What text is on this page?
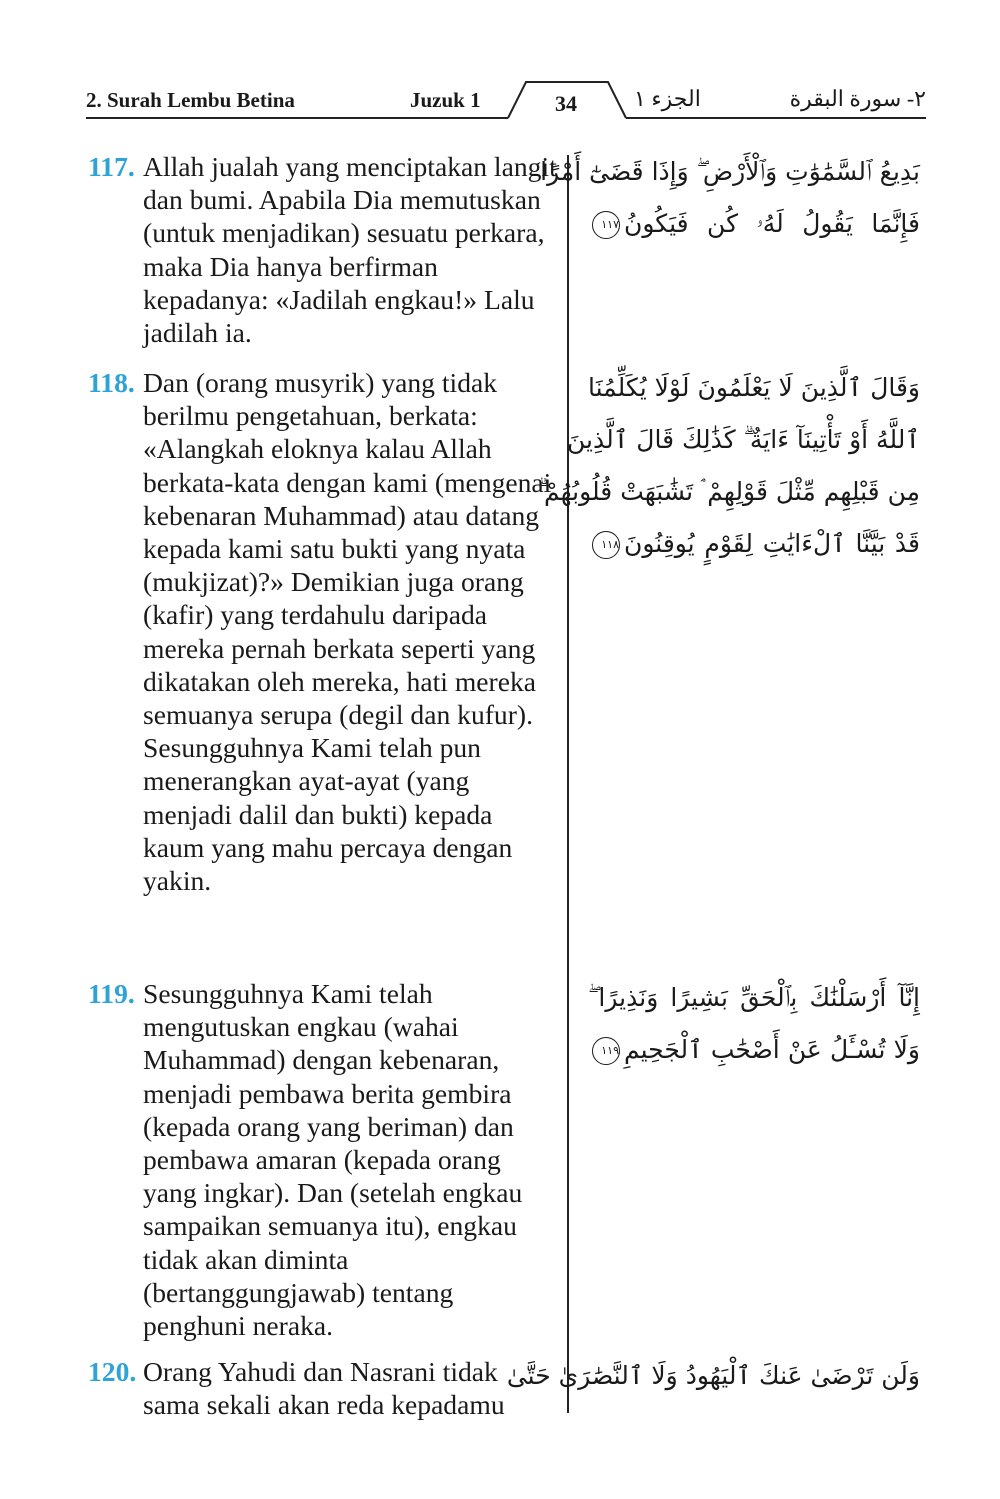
2. Surah Lembu Betina	Juzuk 1	34	الجزء ١	٢- سورة البقرة
117. Allah jualah yang menciptakan langit dan bumi. Apabila Dia memutuskan (untuk menjadikan) sesuatu perkara, maka Dia hanya berfirman kepadanya: «Jadilah engkau!» Lalu jadilah ia.
بَدِيعُ ٱلسَّمَٰوَٰتِ وَٱلْأَرْضِ ۖ وَإِذَا قَضَىٰٓ أَمْرًا
فَإِنَّمَا يَقُولُ لَهُۥ كُن فَيَكُونُ١١٧
118. Dan (orang musyrik) yang tidak berilmu pengetahuan, berkata: «Alangkah eloknya kalau Allah berkata-kata dengan kami (mengenai kebenaran Muhammad) atau datang kepada kami satu bukti yang nyata (mukjizat)?» Demikian juga orang (kafir) yang terdahulu daripada mereka pernah berkata seperti yang dikatakan oleh mereka, hati mereka semuanya serupa (degil dan kufur). Sesungguhnya Kami telah pun menerangkan ayat-ayat (yang menjadi dalil dan bukti) kepada kaum yang mahu percaya dengan yakin.
وَقَالَ ٱلَّذِينَ لَا يَعْلَمُونَ لَوْلَا يُكَلِّمُنَا
ٱللَّهُ أَوْ تَأْتِينَآ ءَايَةٌ ۗ كَذَٰلِكَ قَالَ ٱلَّذِينَ
مِن قَبْلِهِم مِّثْلَ قَوْلِهِمْ ۘ تَشَٰبَهَتْ قُلُوبُهُمْ ۗ
قَدْ بَيَّنَّا ٱلْءَايَٰتِ لِقَوْمٍ يُوقِنُونَ١١٨
119. Sesungguhnya Kami telah mengutuskan engkau (wahai Muhammad) dengan kebenaran, menjadi pembawa berita gembira (kepada orang yang beriman) dan pembawa amaran (kepada orang yang ingkar). Dan (setelah engkau sampaikan semuanya itu), engkau tidak akan diminta (bertanggungjawab) tentang penghuni neraka.
إِنَّآ أَرْسَلْنَٰكَ بِٱلْحَقِّ بَشِيرًا وَنَذِيرًا ۖ
وَلَا تُسْـَٔلُ عَنْ أَصْحَٰبِ ٱلْجَحِيمِ١١٩
120. Orang Yahudi dan Nasrani tidak sama sekali akan reda kepadamu
وَلَن تَرْضَىٰ عَنكَ ٱلْيَهُودُ وَلَا ٱلنَّصَٰرَىٰ حَتَّىٰ
